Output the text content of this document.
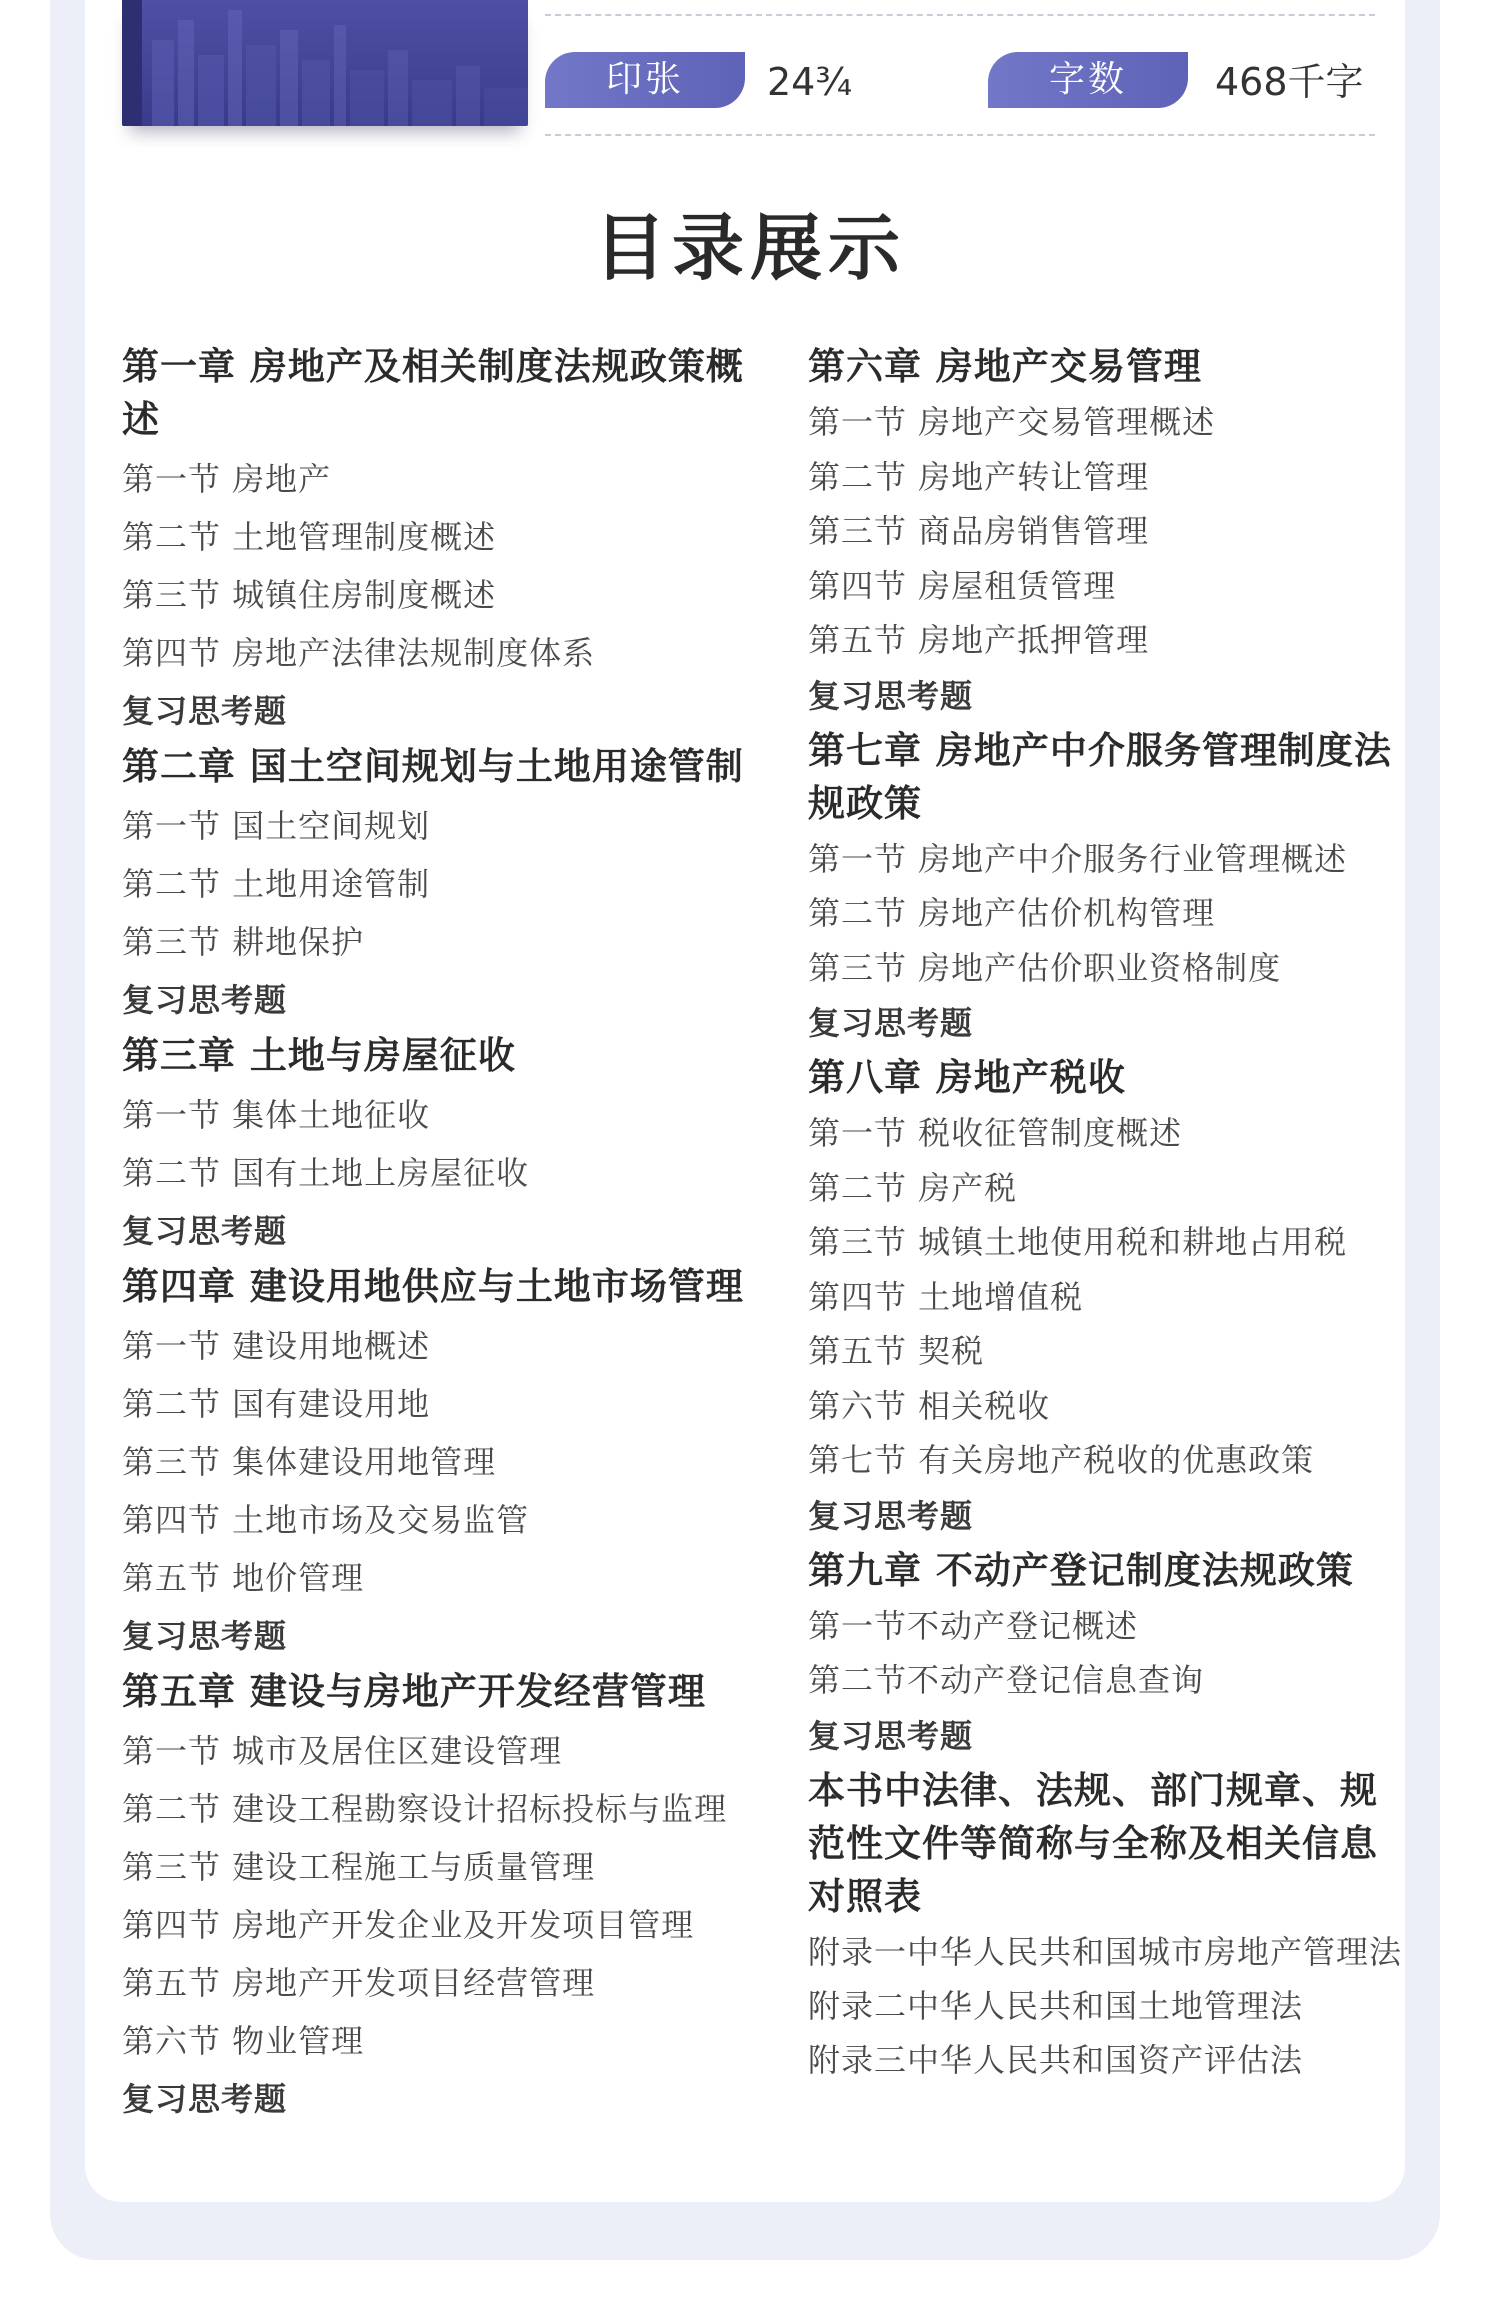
印张	24¾	字数	468千字
目录展示
第一章 房地产及相关制度法规政策概述
第一节 房地产
第二节 土地管理制度概述
第三节 城镇住房制度概述
第四节 房地产法律法规制度体系
复习思考题
第二章 国土空间规划与土地用途管制
第一节 国土空间规划
第二节 土地用途管制
第三节 耕地保护
复习思考题
第三章 土地与房屋征收
第一节 集体土地征收
第二节 国有土地上房屋征收
复习思考题
第四章 建设用地供应与土地市场管理
第一节 建设用地概述
第二节 国有建设用地
第三节 集体建设用地管理
第四节 土地市场及交易监管
第五节 地价管理
复习思考题
第五章 建设与房地产开发经营管理
第一节 城市及居住区建设管理
第二节 建设工程勘察设计招标投标与监理
第三节 建设工程施工与质量管理
第四节 房地产开发企业及开发项目管理
第五节 房地产开发项目经营管理
第六节 物业管理
复习思考题
第六章 房地产交易管理
第一节 房地产交易管理概述
第二节 房地产转让管理
第三节 商品房销售管理
第四节 房屋租赁管理
第五节 房地产抵押管理
复习思考题
第七章 房地产中介服务管理制度法规政策
第一节 房地产中介服务行业管理概述
第二节 房地产估价机构管理
第三节 房地产估价职业资格制度
复习思考题
第八章 房地产税收
第一节 税收征管制度概述
第二节 房产税
第三节 城镇土地使用税和耕地占用税
第四节 土地增值税
第五节 契税
第六节 相关税收
第七节 有关房地产税收的优惠政策
复习思考题
第九章 不动产登记制度法规政策
第一节不动产登记概述
第二节不动产登记信息查询
复习思考题
本书中法律、法规、部门规章、规范性文件等简称与全称及相关信息对照表
附录一中华人民共和国城市房地产管理法
附录二中华人民共和国土地管理法
附录三中华人民共和国资产评估法
